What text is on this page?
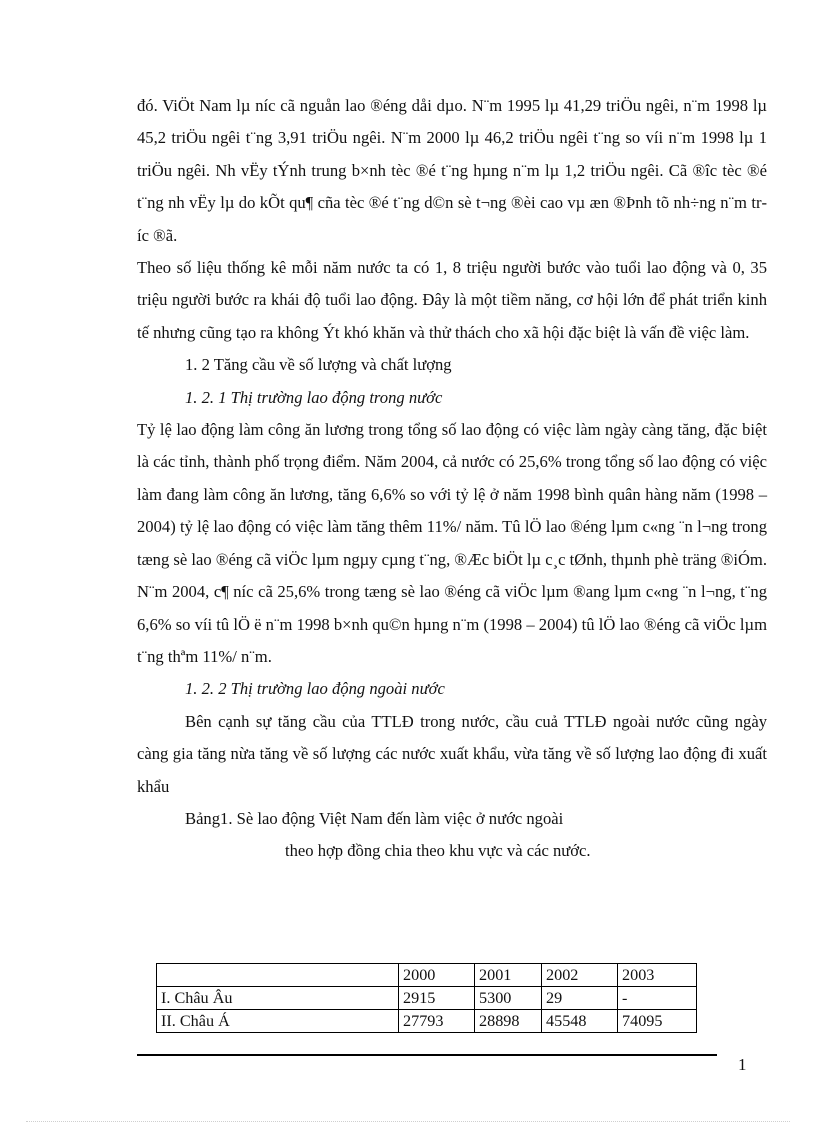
đó. ViÖt Nam lµ níc cã nguån lao ®éng dåi dµo. N¨m 1995 lµ 41,29 triÖu ngêi, n¨m 1998 lµ 45,2 triÖu ngêi t¨ng 3,91 triÖu ngêi. N¨m 2000 lµ 46,2 triÖu ngêi t¨ng so víi n¨m 1998 lµ 1 triÖu ngêi. Nh vËy tÝnh trung b×nh tèc ®é t¨ng hµng n¨m lµ 1,2 triÖu ngêi. Cã ®îc tèc ®é t¨ng nh vËy lµ do kÕt qu¶ cña tèc ®é t¨ng d©n sè t¬ng ®èi cao vµ æn ®Þnh tõ nh÷ng n¨m tríc ®ã.

Theo số liệu thống kê mỗi năm nước ta có 1, 8 triệu người bước vào tuổi lao động và 0, 35 triệu người bước ra khái độ tuổi lao động. Đây là một tiềm năng, cơ hội lớn để phát triển kinh tế nhưng cũng tạo ra không Ýt khó khăn và thử thách cho xã hội đặc biệt là vấn đề việc làm.

1. 2 Tăng cầu về số lượng và chất lượng

1. 2. 1 Thị trường lao động trong nước

Tỷ lệ lao động làm công ăn lương trong tổng số lao động có việc làm ngày càng tăng, đặc biệt là các tỉnh, thành phố trọng điểm. Năm 2004, cả nước có 25,6% trong tổng số lao động có việc làm đang làm công ăn lương, tăng 6,6% so với tỷ lệ ở năm 1998 bình quân hàng năm (1998 – 2004) tỷ lệ lao động có việc làm tăng thêm 11%/ năm. Tû lÖ lao ®éng lµm c«ng ¨n l¬ng trong tæng sè lao ®éng cã viÖc lµm ngµy cµng t¨ng, ®Æc biÖt lµ c¸c tØnh, thµnh phè träng ®iÓm. N¨m 2004, c¶ níc cã 25,6% trong tæng sè lao ®éng cã viÖc lµm ®ang lµm c«ng ¨n l¬ng, t¨ng 6,6% so víi tû lÖ ë n¨m 1998 b×nh qu©n hµng n¨m (1998 – 2004) tû lÖ lao ®éng cã viÖc lµm t¨ng thªm 11%/ n¨m.

1. 2. 2 Thị trường lao động ngoài nước

Bên cạnh sự tăng cầu của TTLĐ trong nước, cầu cuả TTLĐ ngoài nước cũng ngày càng gia tăng nừa tăng về số lượng các nước xuất khẩu, vừa tăng về số lượng lao động đi xuất khẩu

Bảng1. Sè lao động Việt Nam đến làm việc ở nước ngoài

theo hợp đồng chia theo khu vực và các nước.

	2000	2001	2002	2003
I. Châu Âu	2915	5300	29	-
II. Châu Á	27793	28898	45548	74095
1
